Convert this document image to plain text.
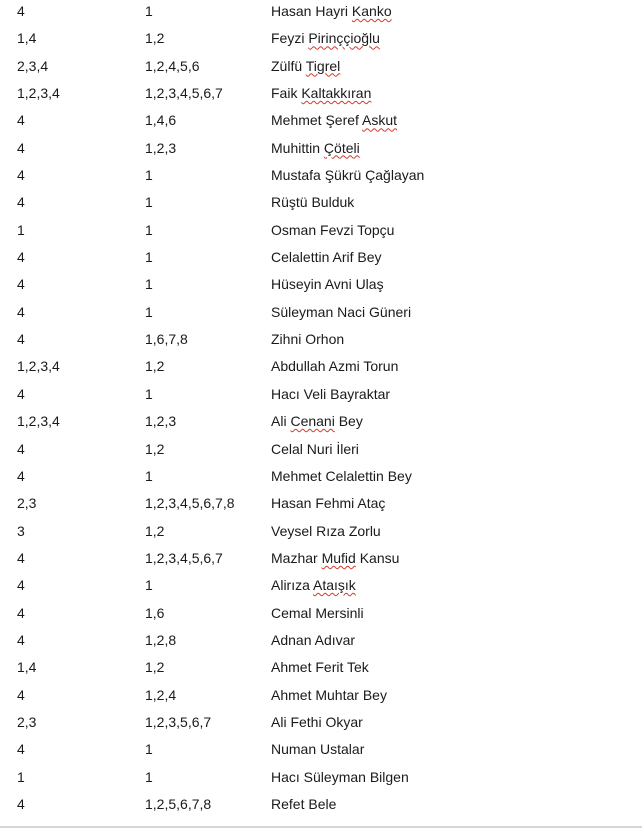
4	1	Hasan Hayri Kanko
1,4	1,2	Feyzi Pirinççioğlu
2,3,4	1,2,4,5,6	Zülfü Tigrel
1,2,3,4	1,2,3,4,5,6,7	Faik Kaltakkıran
4	1,4,6	Mehmet Şeref Askut
4	1,2,3	Muhittin Çöteli
4	1	Mustafa Şükrü Çağlayan
4	1	Rüştü Bulduk
1	1	Osman Fevzi Topçu
4	1	Celalettin Arif Bey
4	1	Hüseyin Avni Ulaş
4	1	Süleyman Naci Güneri
4	1,6,7,8	Zihni Orhon
1,2,3,4	1,2	Abdullah Azmi Torun
4	1	Hacı Veli Bayraktar
1,2,3,4	1,2,3	Ali Cenani Bey
4	1,2	Celal Nuri İleri
4	1	Mehmet Celalettin Bey
2,3	1,2,3,4,5,6,7,8	Hasan Fehmi Ataç
3	1,2	Veysel Rıza Zorlu
4	1,2,3,4,5,6,7	Mazhar Mufid Kansu
4	1	Alirıza Ataışık
4	1,6	Cemal Mersinli
4	1,2,8	Adnan Adıvar
1,4	1,2	Ahmet Ferit Tek
4	1,2,4	Ahmet Muhtar Bey
2,3	1,2,3,5,6,7	Ali Fethi Okyar
4	1	Numan Ustalar
1	1	Hacı Süleyman Bilgen
4	1,2,5,6,7,8	Refet Bele
